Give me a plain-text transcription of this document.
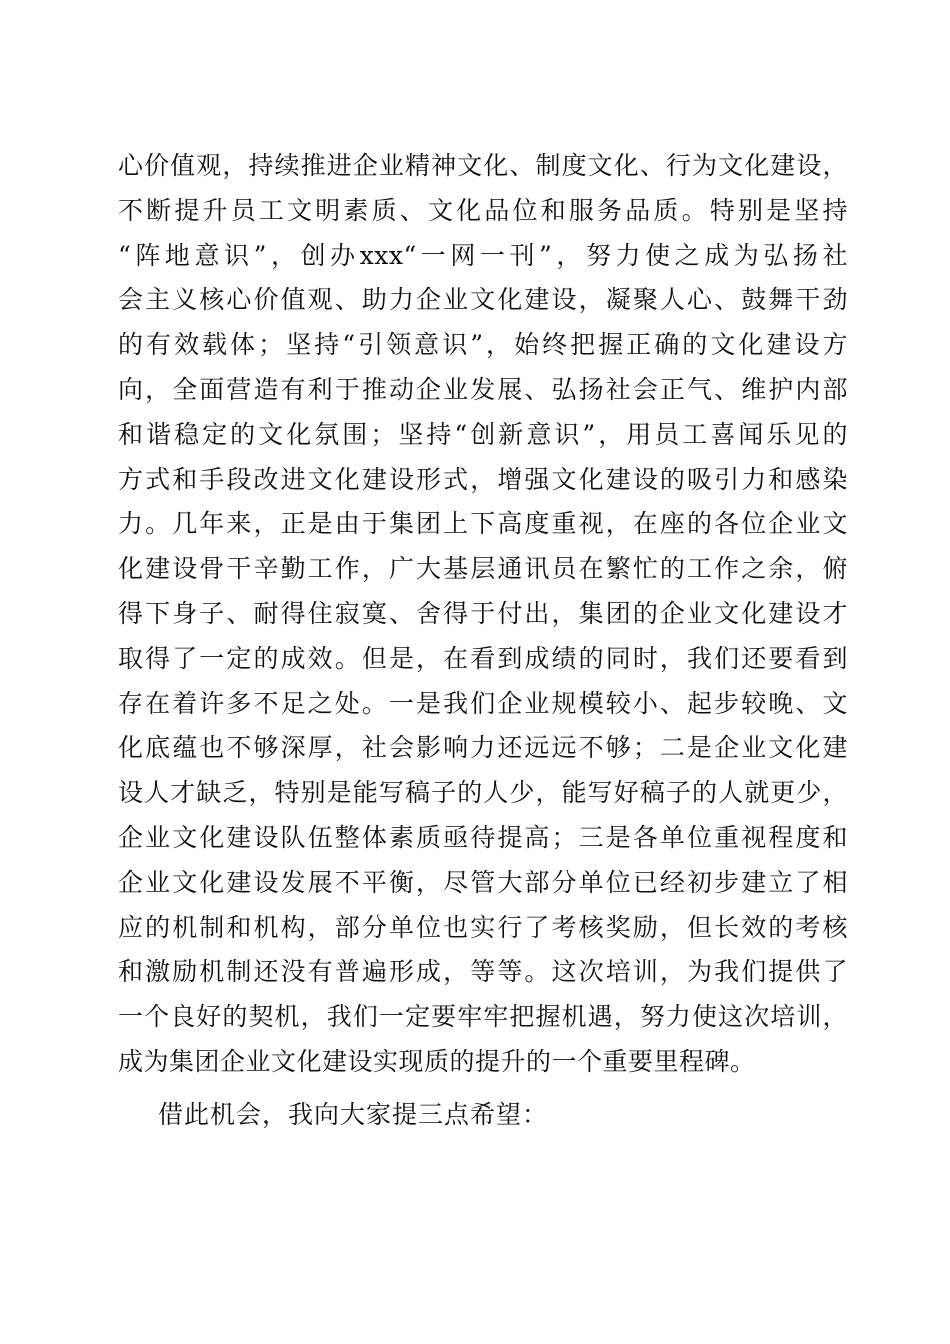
心价值观，持续推进企业精神文化、制度文化、行为文化建设，
不断提升员工文明素质、文化品位和服务品质。特别是坚持
“阵地意识”，创办xxx“一网一刊”，努力使之成为弘扬社
会主义核心价值观、助力企业文化建设，凝聚人心、鼓舞干劲
的有效载体；坚持“引领意识”，始终把握正确的文化建设方
向，全面营造有利于推动企业发展、弘扬社会正气、维护内部
和谐稳定的文化氛围；坚持“创新意识”，用员工喜闻乐见的
方式和手段改进文化建设形式，增强文化建设的吸引力和感染
力。几年来，正是由于集团上下高度重视，在座的各位企业文
化建设骨干辛勤工作，广大基层通讯员在繁忙的工作之余，俯
得下身子、耐得住寂寞、舍得于付出，集团的企业文化建设才
取得了一定的成效。但是，在看到成绩的同时，我们还要看到
存在着许多不足之处。一是我们企业规模较小、起步较晚、文
化底蕴也不够深厚，社会影响力还远远不够；二是企业文化建
设人才缺乏，特别是能写稿子的人少，能写好稿子的人就更少，
企业文化建设队伍整体素质亟待提高；三是各单位重视程度和
企业文化建设发展不平衡，尽管大部分单位已经初步建立了相
应的机制和机构，部分单位也实行了考核奖励，但长效的考核
和激励机制还没有普遍形成，等等。这次培训，为我们提供了
一个良好的契机，我们一定要牢牢把握机遇，努力使这次培训，
成为集团企业文化建设实现质的提升的一个重要里程碑。
借此机会，我向大家提三点希望：
